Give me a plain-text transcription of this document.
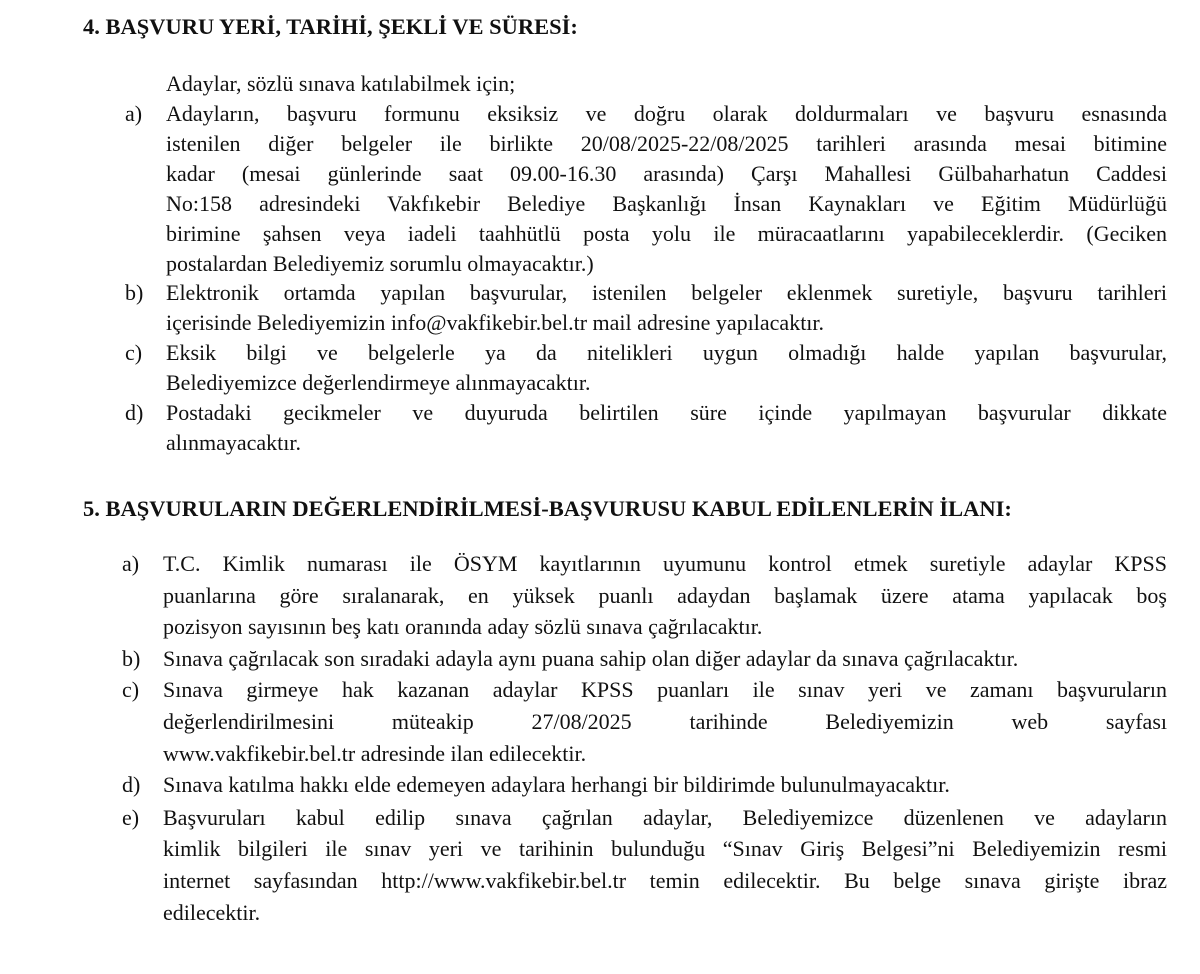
4. BAŞVURU YERİ, TARİHİ, ŞEKLİ VE SÜRESİ:

Adaylar, sözlü sınava katılabilmek için;

a) Adayların, başvuru formunu eksiksiz ve doğru olarak doldurmaları ve başvuru esnasında
istenilen diğer belgeler ile birlikte 20/08/2025-22/08/2025 tarihleri arasında mesai bitimine
kadar (mesai günlerinde saat 09.00-16.30 arasında) Çarşı Mahallesi Gülbaharhatun Caddesi
No:158 adresindeki Vakfıkebir Belediye Başkanlığı İnsan Kaynakları ve Eğitim Müdürlüğü
birimine şahsen veya iadeli taahhütlü posta yolu ile müracaatlarını yapabileceklerdir. (Geciken
postalardan Belediyemiz sorumlu olmayacaktır.)
b) Elektronik ortamda yapılan başvurular, istenilen belgeler eklenmek suretiyle, başvuru tarihleri
içerisinde Belediyemizin info@vakfikebir.bel.tr mail adresine yapılacaktır.
c) Eksik bilgi ve belgelerle ya da nitelikleri uygun olmadığı halde yapılan başvurular,
Belediyemizce değerlendirmeye alınmayacaktır.
d) Postadaki gecikmeler ve duyuruda belirtilen süre içinde yapılmayan başvurular dikkate
alınmayacaktır.
5. BAŞVURULARIN DEĞERLENDİRİLMESİ-BAŞVURUSU KABUL EDİLENLERİN İLANI:
a) T.C. Kimlik numarası ile ÖSYM kayıtlarının uyumunu kontrol etmek suretiyle adaylar KPSS
puanlarına göre sıralanarak, en yüksek puanlı adaydan başlamak üzere atama yapılacak boş
pozisyon sayısının beş katı oranında aday sözlü sınava çağrılacaktır.
b) Sınava çağrılacak son sıradaki adayla aynı puana sahip olan diğer adaylar da sınava çağrılacaktır.
c) Sınava girmeye hak kazanan adaylar KPSS puanları ile sınav yeri ve zamanı başvuruların
değerlendirilmesini müteakip 27/08/2025 tarihinde Belediyemizin web sayfası
www.vakfikebir.bel.tr adresinde ilan edilecektir.
d) Sınava katılma hakkı elde edemeyen adaylara herhangi bir bildirimde bulunulmayacaktır.
e) Başvuruları kabul edilip sınava çağrılan adaylar, Belediyemizce düzenlenen ve adayların
kimlik bilgileri ile sınav yeri ve tarihinin bulunduğu “Sınav Giriş Belgesi”ni Belediyemizin resmi
internet sayfasından http://www.vakfikebir.bel.tr temin edilecektir. Bu belge sınava girişte ibraz
edilecektir.
